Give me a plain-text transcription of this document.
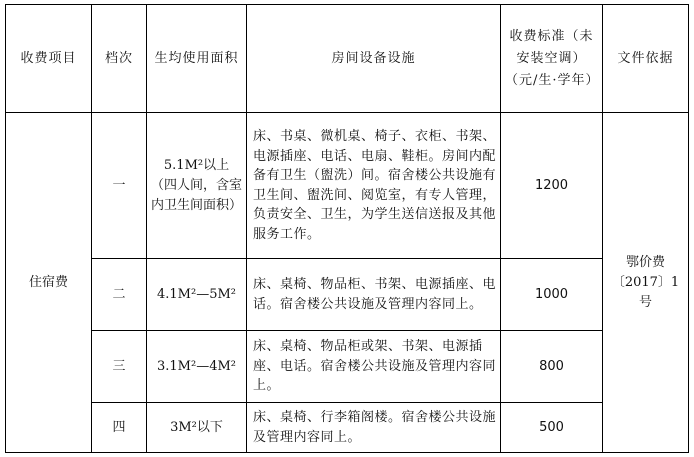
收费项目	档次	生均使用面积	房间设备设施	收费标准（未安装空调）（元/生·学年）	文件依据
住宿费	一	5.1M²以上（四人间，含室内卫生间面积）	床、书桌、微机桌、椅子、衣柜、书架、电源插座、电话、电扇、鞋柜。房间内配备有卫生（盥洗）间。宿舍楼公共设施有卫生间、盥洗间、阅览室，有专人管理，负责安全、卫生，为学生送信送报及其他服务工作。	1200	鄂价费〔2017〕1号
	二	4.1M²—5M²	床、桌椅、物品柜、书架、电源插座、电话。宿舍楼公共设施及管理内容同上。	1000	
	三	3.1M²—4M²	床、桌椅、物品柜或架、书架、电源插座、电话。宿舍楼公共设施及管理内容同上。	800	
	四	3M²以下	床、桌椅、行李箱阁楼。宿舍楼公共设施及管理内容同上。	500	
